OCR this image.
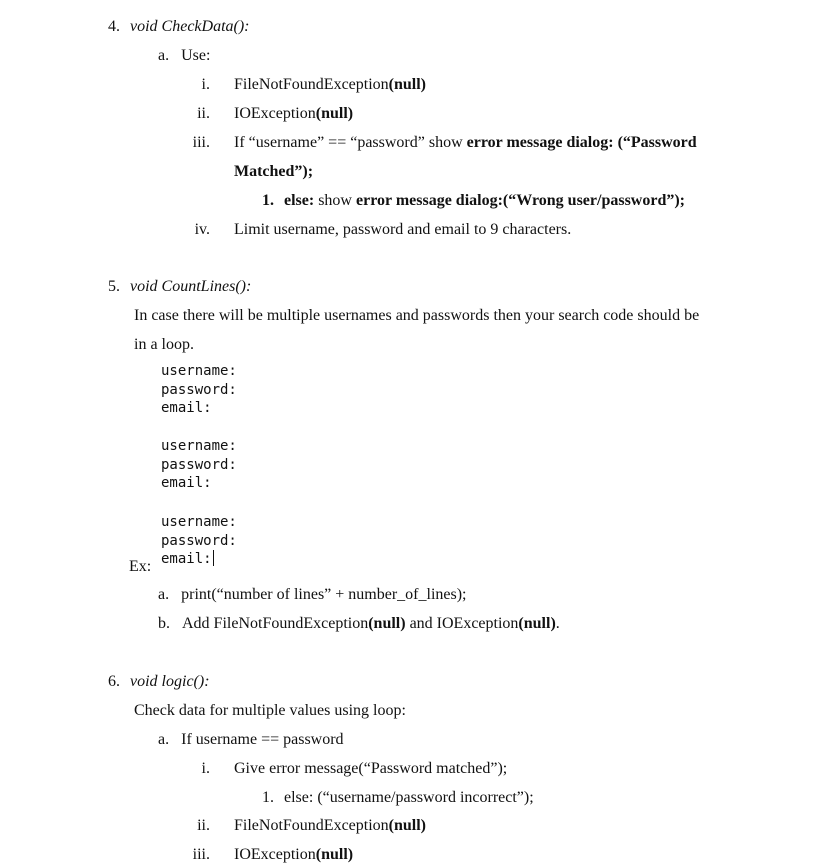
4. void CheckData():
a. Use:
i. FileNotFoundException(null)
ii. IOException(null)
iii. If “username” == “password” show error message dialog: (“Password
Matched”);
1. else: show error message dialog:(“Wrong user/password”);
iv. Limit username, password and email to 9 characters.
5. void CountLines():
In case there will be multiple usernames and passwords then your search code should be
in a loop.
username:
password:
email:
username:
password:
email:
username:
password:
email:
Ex:
a. print(“number of lines” + number_of_lines);
b. Add FileNotFoundException(null) and IOException(null).
6. void logic():
Check data for multiple values using loop:
a. If username == password
i. Give error message(“Password matched”);
1. else: (“username/password incorrect”);
ii. FileNotFoundException(null)
iii. IOException(null)
